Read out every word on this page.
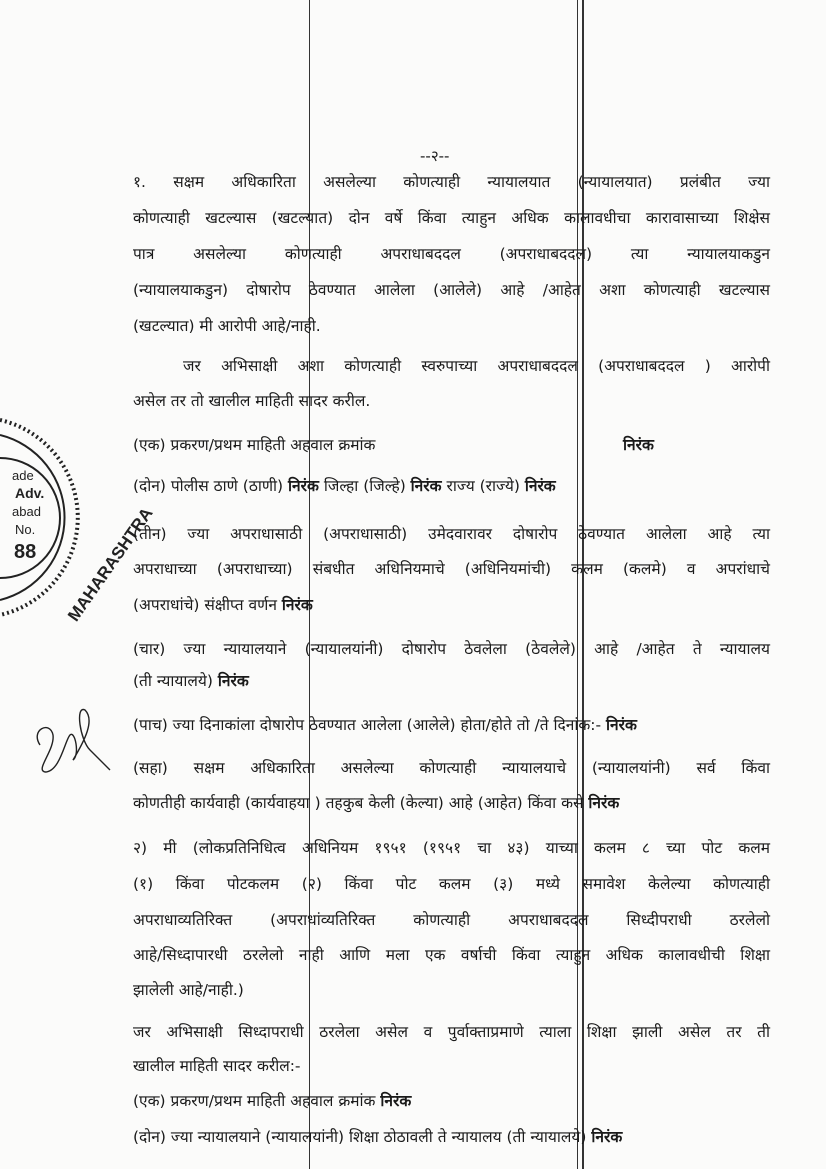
--२--
ade
Adv.
abad
No.
88 MAHARASHTRA
१. सक्षम अधिकारिता असलेल्या कोणत्याही न्यायालयात (न्यायालयात) प्रलंबीत ज्या
कोणत्याही खटल्यास (खटल्यात) दोन वर्षे किंवा त्याहुन अधिक कालावधीचा कारावासाच्या शिक्षेस
पात्र असलेल्या कोणत्याही अपराधाबददल (अपराधाबददल) त्या न्यायालयाकडुन
(न्यायालयाकडुन) दोषारोप ठेवण्यात आलेला (आलेले) आहे /आहेत अशा कोणत्याही खटल्यास
(खटल्यात) मी आरोपी आहे/नाही.
जर अभिसाक्षी अशा कोणत्याही स्वरुपाच्या अपराधाबददल (अपराधाबददल ) आरोपी
असेल तर तो खालील माहिती सादर करील.
(एक) प्रकरण/प्रथम माहिती अहवाल क्रमांक	निरंक
(दोन) पोलीस ठाणे (ठाणी) निरंक जिल्हा (जिल्हे) निरंक राज्य (राज्ये) निरंक
(तीन) ज्या अपराधासाठी (अपराधासाठी) उमेदवारावर दोषारोप ठेवण्यात आलेला आहे त्या
अपराधाच्या (अपराधाच्या) संबधीत अधिनियमाचे (अधिनियमांची) कलम (कलमे) व अपरांधाचे
(अपराधांचे) संक्षीप्त वर्णन निरंक
(चार) ज्या न्यायालयाने (न्यायालयांनी) दोषारोप ठेवलेला (ठेवलेले) आहे /आहेत ते न्यायालय
(ती न्यायालये) निरंक
(पाच) ज्या दिनाकांला दोषारोप ठेवण्यात आलेला (आलेले) होता/होते तो /ते दिनांक:- निरंक
(सहा) सक्षम अधिकारिता असलेल्या कोणत्याही न्यायालयाचे (न्यायालयांनी) सर्व किंवा
कोणतीही कार्यवाही (कार्यवाहया ) तहकुब केली (केल्या) आहे (आहेत) किंवा कसे निरंक
२) मी (लोकप्रतिनिधित्व अधिनियम १९५१ (१९५१ चा ४३) याच्या कलम ८ च्या पोट कलम
(१) किंवा पोटकलम (२) किंवा पोट कलम (३) मध्ये समावेश केलेल्या कोणत्याही
अपराधाव्यतिरिक्त (अपराधांव्यतिरिक्त कोणत्याही अपराधाबददल सिध्दीपराधी ठरलेलो
आहे/सिध्दापारधी ठरलेलो नाही आणि मला एक वर्षाची किंवा त्याहुन अधिक कालावधीची शिक्षा
झालेली आहे/नाही.)
जर अभिसाक्षी सिध्दापराधी ठरलेला असेल व पुर्वाक्ताप्रमाणे त्याला शिक्षा झाली असेल तर ती
खालील माहिती सादर करील:-
(एक) प्रकरण/प्रथम माहिती अहवाल क्रमांक निरंक
(दोन) ज्या न्यायालयाने (न्यायालयांनी) शिक्षा ठोठावली ते न्यायालय (ती न्यायालये) निरंक
